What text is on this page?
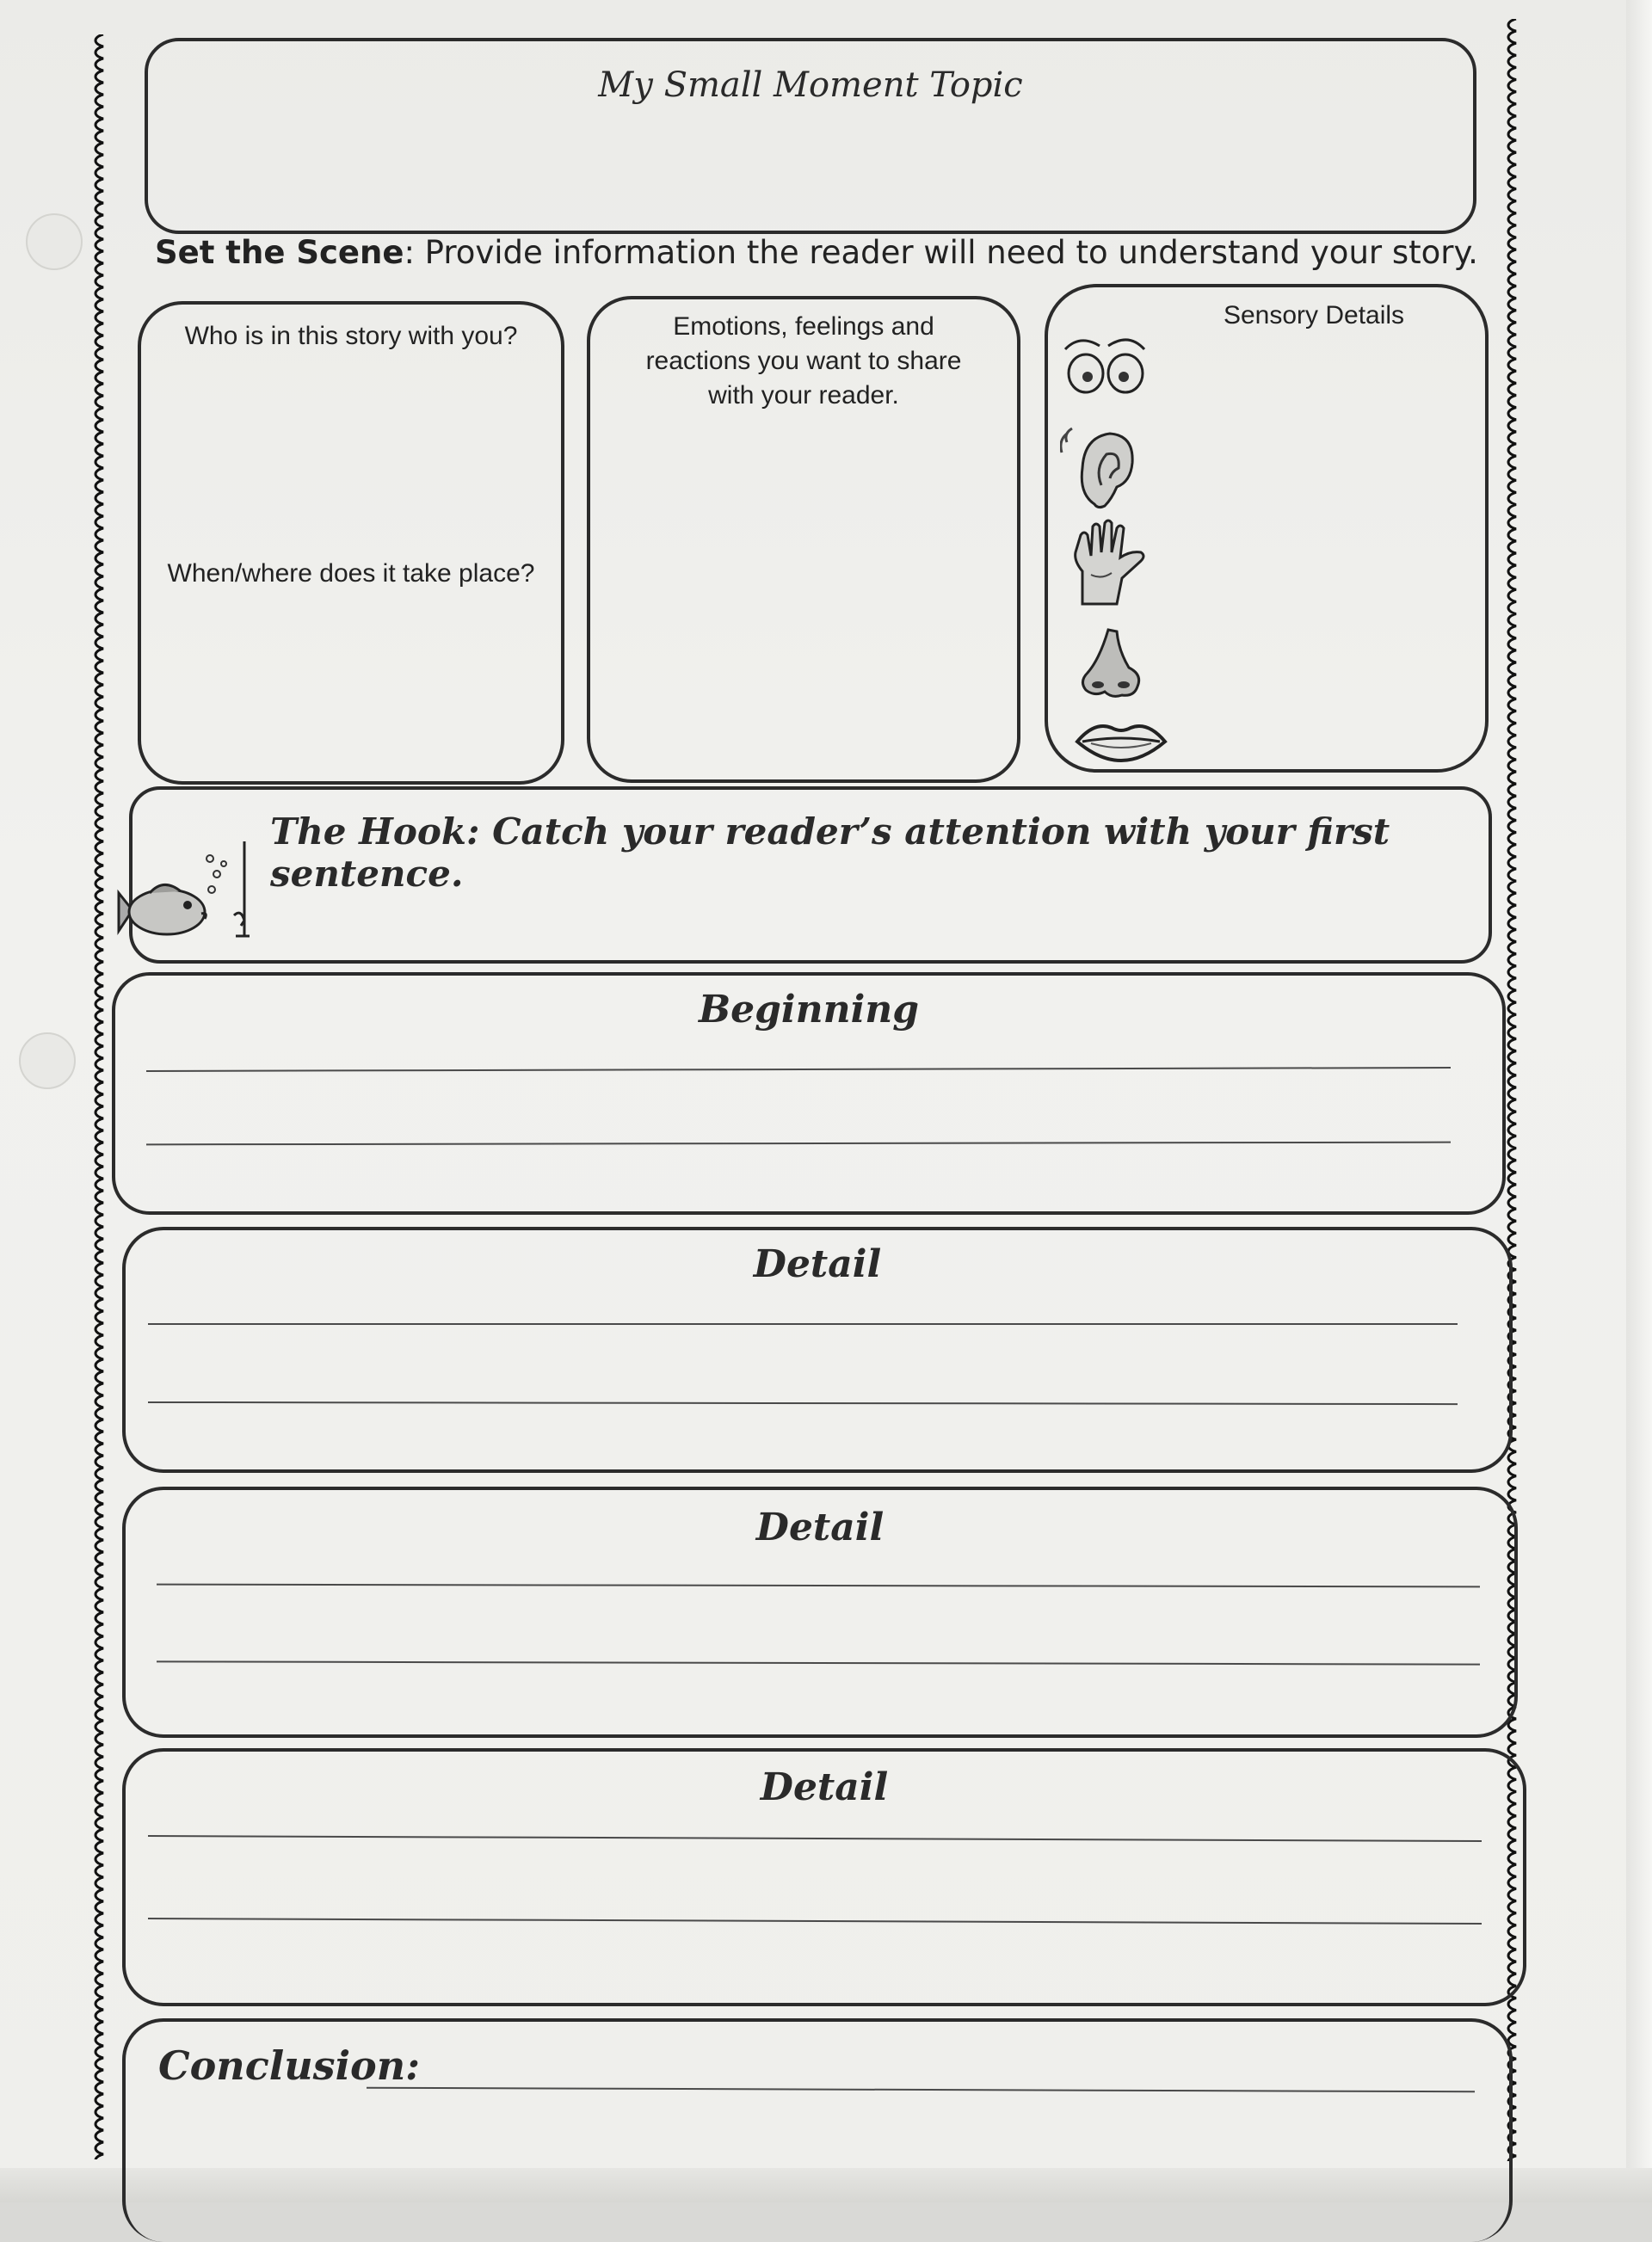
My Small Moment Topic
Set the Scene: Provide information the reader will need to understand your story.
Who is in this story with you?
When/where does it take place?
Emotions, feelings and reactions you want to share with your reader.
Sensory Details
The Hook: Catch your reader’s attention with your first sentence.
Beginning
Detail
Detail
Detail
Conclusion:
